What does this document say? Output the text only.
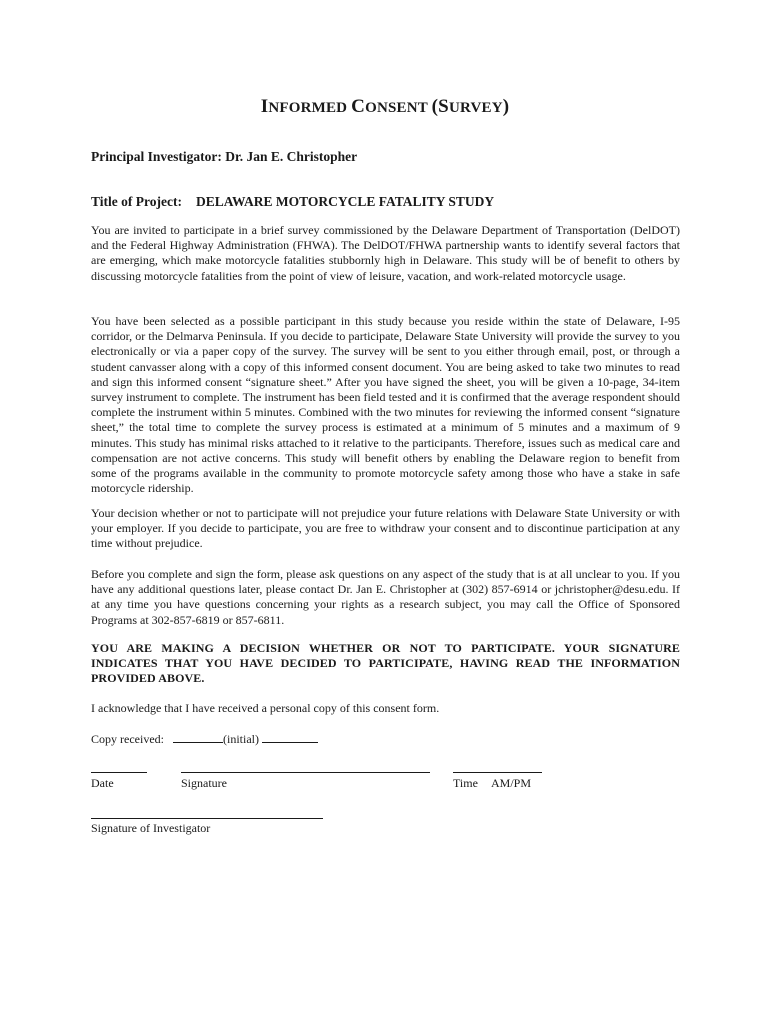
INFORMED CONSENT (SURVEY)
Principal Investigator: Dr. Jan E. Christopher
Title of Project: DELAWARE MOTORCYCLE FATALITY STUDY

You are invited to participate in a brief survey commissioned by the Delaware Department of Transportation (DelDOT) and the Federal Highway Administration (FHWA). The DelDOT/FHWA partnership wants to identify several factors that are emerging, which make motorcycle fatalities stubbornly high in Delaware. This study will be of benefit to others by discussing motorcycle fatalities from the point of view of leisure, vacation, and work-related motorcycle usage.

You have been selected as a possible participant in this study because you reside within the state of Delaware, I-95 corridor, or the Delmarva Peninsula. If you decide to participate, Delaware State University will provide the survey to you electronically or via a paper copy of the survey. The survey will be sent to you either through email, post, or through a student canvasser along with a copy of this informed consent document. You are being asked to take two minutes to read and sign this informed consent “signature sheet.” After you have signed the sheet, you will be given a 10-page, 34-item survey instrument to complete. The instrument has been field tested and it is confirmed that the average respondent should complete the instrument within 5 minutes. Combined with the two minutes for reviewing the informed consent “signature sheet,” the total time to complete the survey process is estimated at a minimum of 5 minutes and a maximum of 9 minutes. This study has minimal risks attached to it relative to the participants. Therefore, issues such as medical care and compensation are not active concerns. This study will benefit others by enabling the Delaware region to benefit from some of the programs available in the community to promote motorcycle safety among those who have a stake in safe motorcycle ridership.

Your decision whether or not to participate will not prejudice your future relations with Delaware State University or with your employer. If you decide to participate, you are free to withdraw your consent and to discontinue participation at any time without prejudice.

Before you complete and sign the form, please ask questions on any aspect of the study that is at all unclear to you. If you have any additional questions later, please contact Dr. Jan E. Christopher at (302) 857-6914 or jchristopher@desu.edu. If at any time you have questions concerning your rights as a research subject, you may call the Office of Sponsored Programs at 302-857-6819 or 857-6811.

YOU ARE MAKING A DECISION WHETHER OR NOT TO PARTICIPATE. YOUR SIGNATURE INDICATES THAT YOU HAVE DECIDED TO PARTICIPATE, HAVING READ THE INFORMATION PROVIDED ABOVE.

I acknowledge that I have received a personal copy of this consent form.
Copy received:	(initial)
Date	Signature	Time AM/PM
Signature of Investigator
